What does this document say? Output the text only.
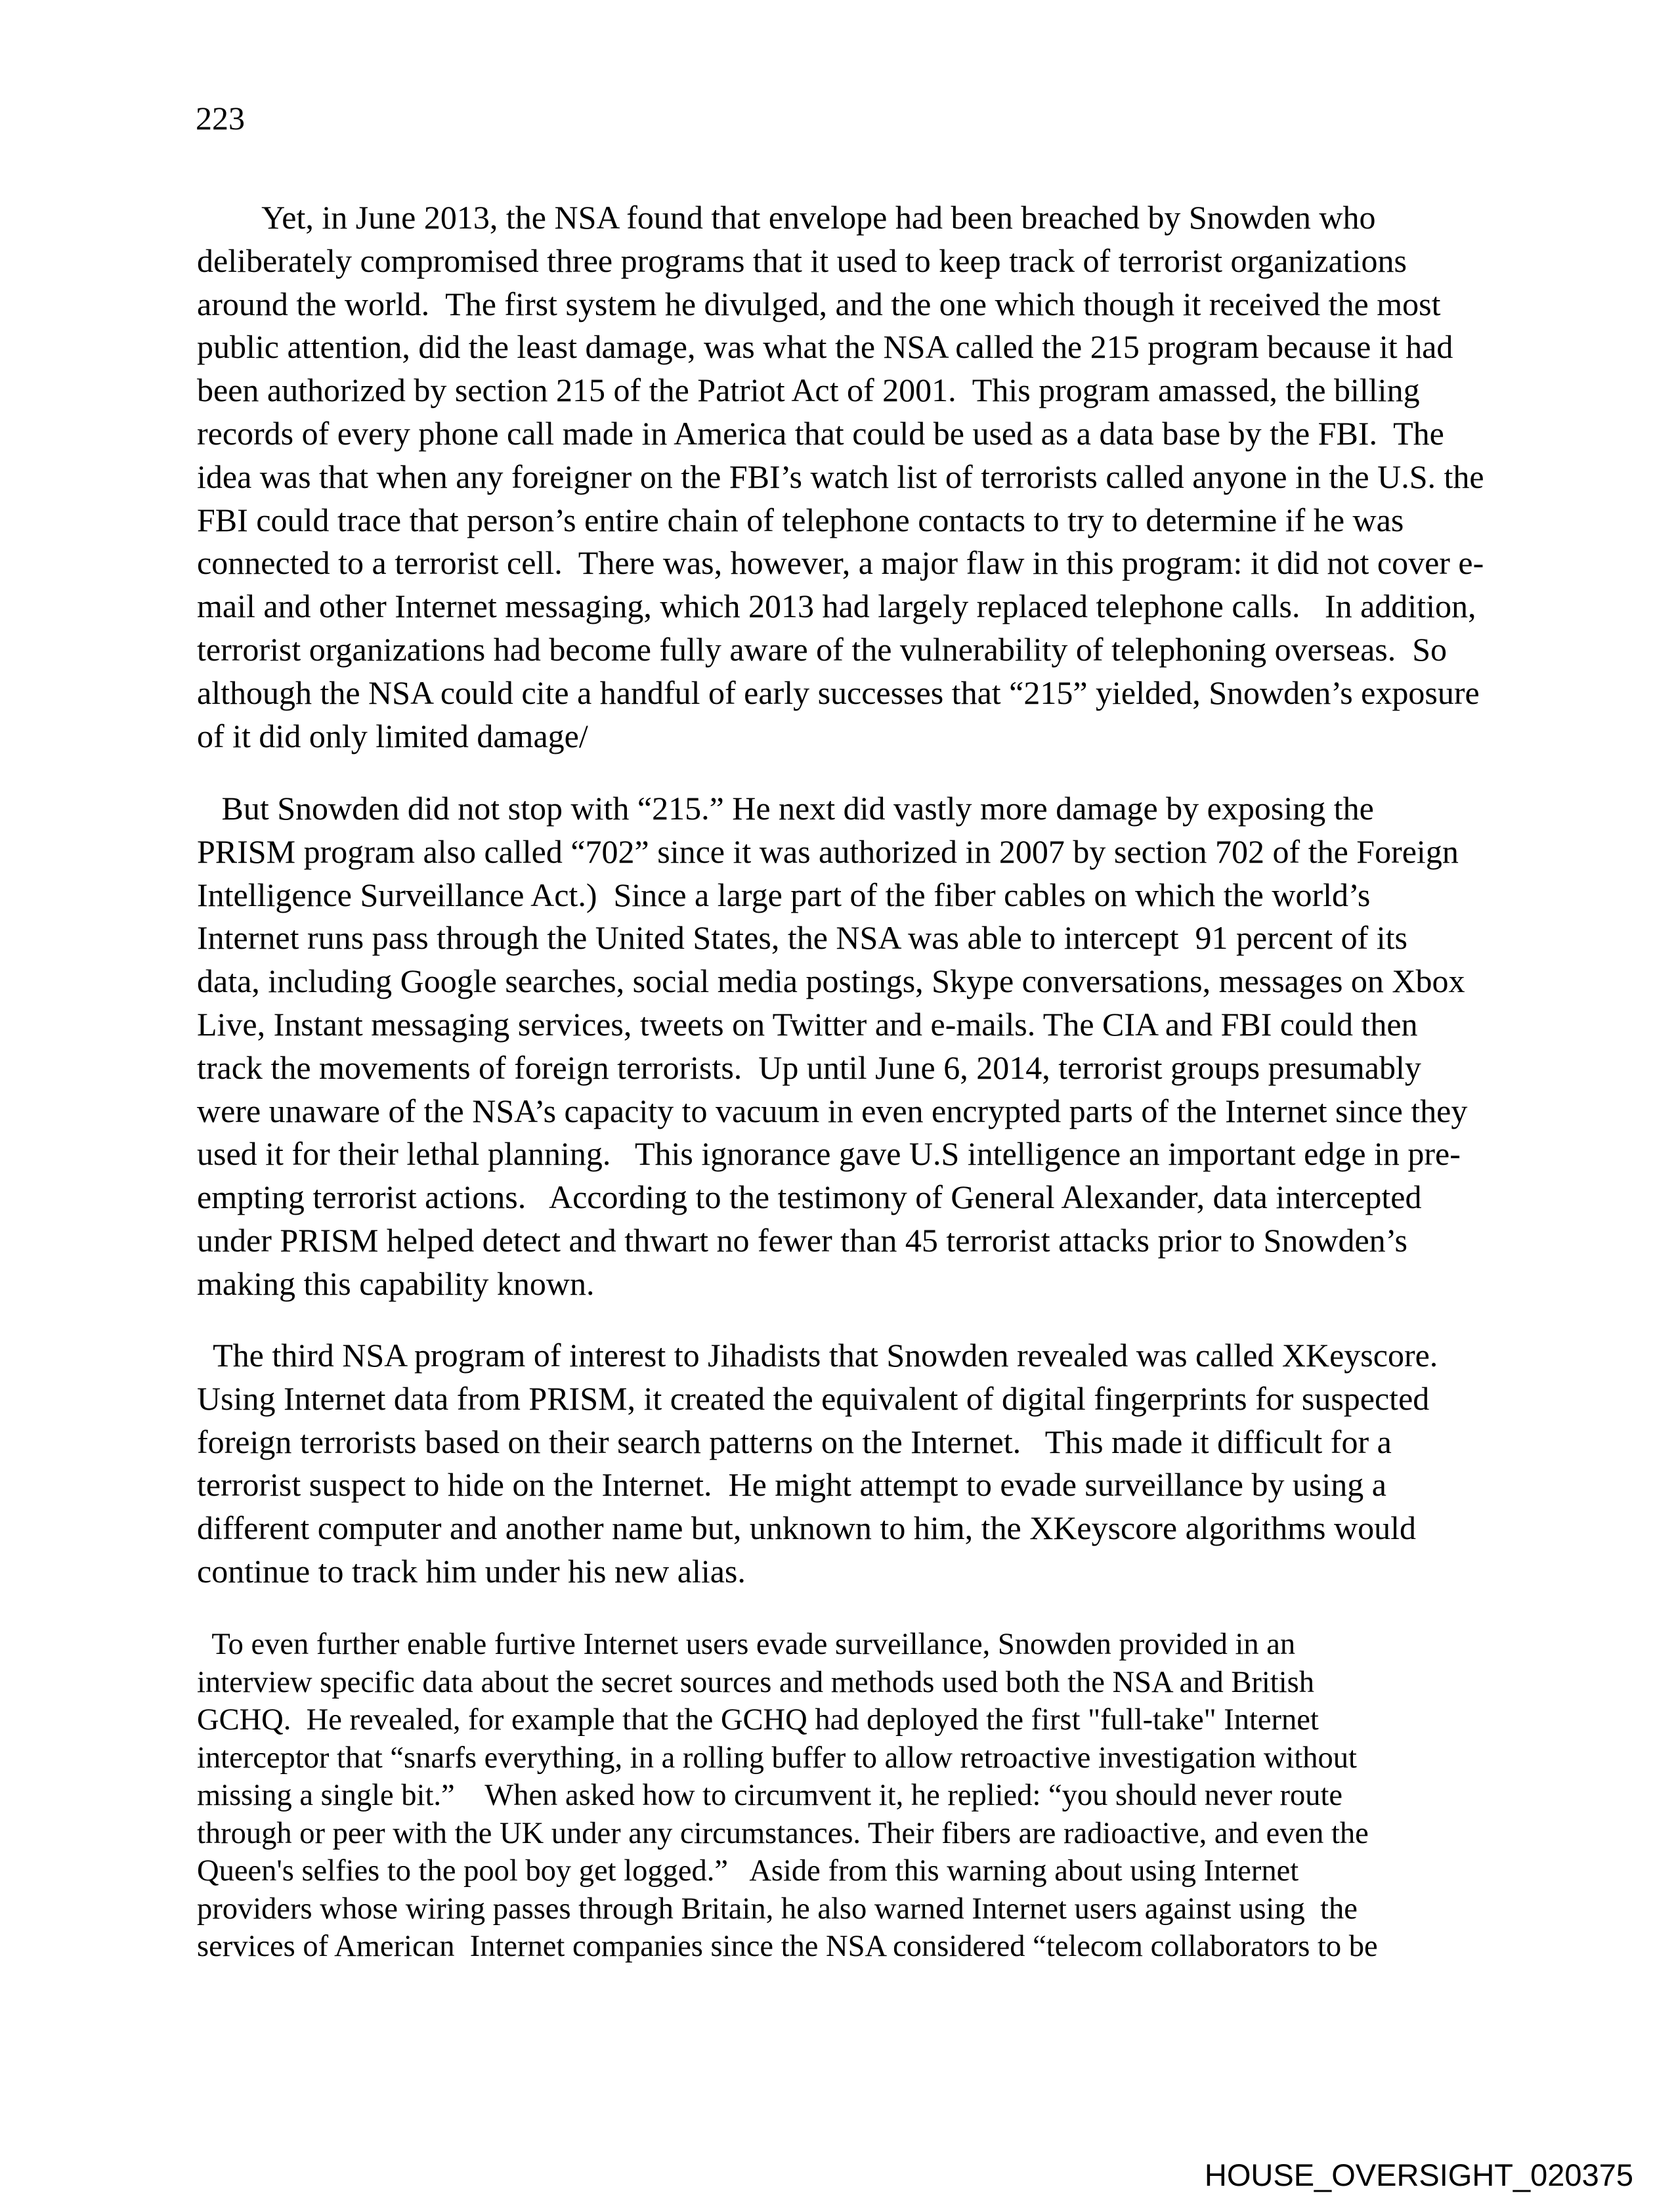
223
Yet, in June 2013, the NSA found that envelope had been breached by Snowden who
deliberately compromised three programs that it used to keep track of terrorist organizations
around the world.  The first system he divulged, and the one which though it received the most
public attention, did the least damage, was what the NSA called the 215 program because it had
been authorized by section 215 of the Patriot Act of 2001.  This program amassed, the billing
records of every phone call made in America that could be used as a data base by the FBI.  The
idea was that when any foreigner on the FBI’s watch list of terrorists called anyone in the U.S. the
FBI could trace that person’s entire chain of telephone contacts to try to determine if he was
connected to a terrorist cell.  There was, however, a major flaw in this program: it did not cover e-
mail and other Internet messaging, which 2013 had largely replaced telephone calls.   In addition,
terrorist organizations had become fully aware of the vulnerability of telephoning overseas.  So
although the NSA could cite a handful of early successes that “215” yielded, Snowden’s exposure
of it did only limited damage/
But Snowden did not stop with “215.” He next did vastly more damage by exposing the
PRISM program also called “702” since it was authorized in 2007 by section 702 of the Foreign
Intelligence Surveillance Act.)  Since a large part of the fiber cables on which the world’s
Internet runs pass through the United States, the NSA was able to intercept  91 percent of its
data, including Google searches, social media postings, Skype conversations, messages on Xbox
Live, Instant messaging services, tweets on Twitter and e-mails. The CIA and FBI could then
track the movements of foreign terrorists.  Up until June 6, 2014, terrorist groups presumably
were unaware of the NSA’s capacity to vacuum in even encrypted parts of the Internet since they
used it for their lethal planning.   This ignorance gave U.S intelligence an important edge in pre-
empting terrorist actions.   According to the testimony of General Alexander, data intercepted
under PRISM helped detect and thwart no fewer than 45 terrorist attacks prior to Snowden’s
making this capability known.
The third NSA program of interest to Jihadists that Snowden revealed was called XKeyscore.
Using Internet data from PRISM, it created the equivalent of digital fingerprints for suspected
foreign terrorists based on their search patterns on the Internet.   This made it difficult for a
terrorist suspect to hide on the Internet.  He might attempt to evade surveillance by using a
different computer and another name but, unknown to him, the XKeyscore algorithms would
continue to track him under his new alias.
To even further enable furtive Internet users evade surveillance, Snowden provided in an
interview specific data about the secret sources and methods used both the NSA and British
GCHQ.  He revealed, for example that the GCHQ had deployed the first "full-take" Internet
interceptor that “snarfs everything, in a rolling buffer to allow retroactive investigation without
missing a single bit.”    When asked how to circumvent it, he replied: “you should never route
through or peer with the UK under any circumstances. Their fibers are radioactive, and even the
Queen's selfies to the pool boy get logged.”   Aside from this warning about using Internet
providers whose wiring passes through Britain, he also warned Internet users against using  the
services of American  Internet companies since the NSA considered “telecom collaborators to be
HOUSE_OVERSIGHT_020375
